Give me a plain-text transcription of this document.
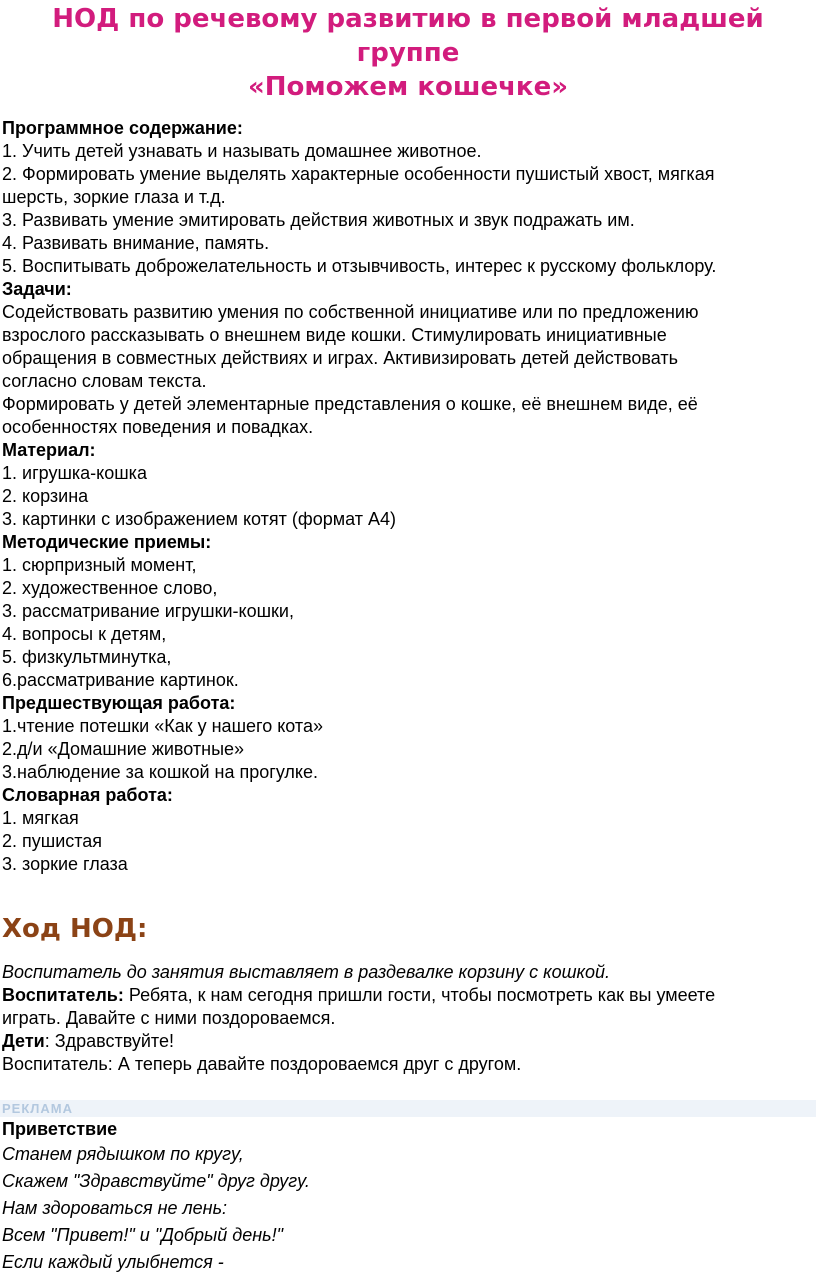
НОД по речевому развитию в первой младшей группе
«Поможем кошечке»

Программное содержание:

1. Учить детей узнавать и называть домашнее животное.

2. Формировать умение выделять характерные особенности пушистый хвост, мягкая

шерсть, зоркие глаза и т.д.

3. Развивать умение эмитировать действия животных и звук подражать им.

4. Развивать внимание, память.

5. Воспитывать доброжелательность и отзывчивость, интерес к русскому фольклору.

Задачи:

Содействовать развитию умения по собственной инициативе или по предложению

взрослого рассказывать о внешнем виде кошки. Стимулировать инициативные

обращения в совместных действиях и играх. Активизировать детей действовать

согласно словам текста.

Формировать у детей элементарные представления о кошке, её внешнем виде, её

особенностях поведения и повадках.

Материал:

1. игрушка-кошка

2. корзина

3. картинки с изображением котят (формат А4)

Методические приемы:

1. сюрпризный момент,

2. художественное слово,

3. рассматривание игрушки-кошки,

4. вопросы к детям,

5. физкультминутка,

6.рассматривание картинок.

Предшествующая работа:

1.чтение потешки «Как у нашего кота»

2.д/и «Домашние животные»

3.наблюдение за кошкой на прогулке.

Словарная работа:

1. мягкая

2. пушистая

3. зоркие глаза

Ход НОД:

Воспитатель до занятия выставляет в раздевалке корзину с кошкой.

Воспитатель: Ребята, к нам сегодня пришли гости, чтобы посмотреть как вы умеете

играть. Давайте с ними поздороваемся.

Дети: Здравствуйте!

Воспитатель: А теперь давайте поздороваемся друг с другом.

РЕКЛАМА

Приветствие

Станем рядышком по кругу,

Скажем "Здравствуйте" друг другу.

Нам здороваться не лень:

Всем "Привет!" и "Добрый день!"

Если каждый улыбнется -
